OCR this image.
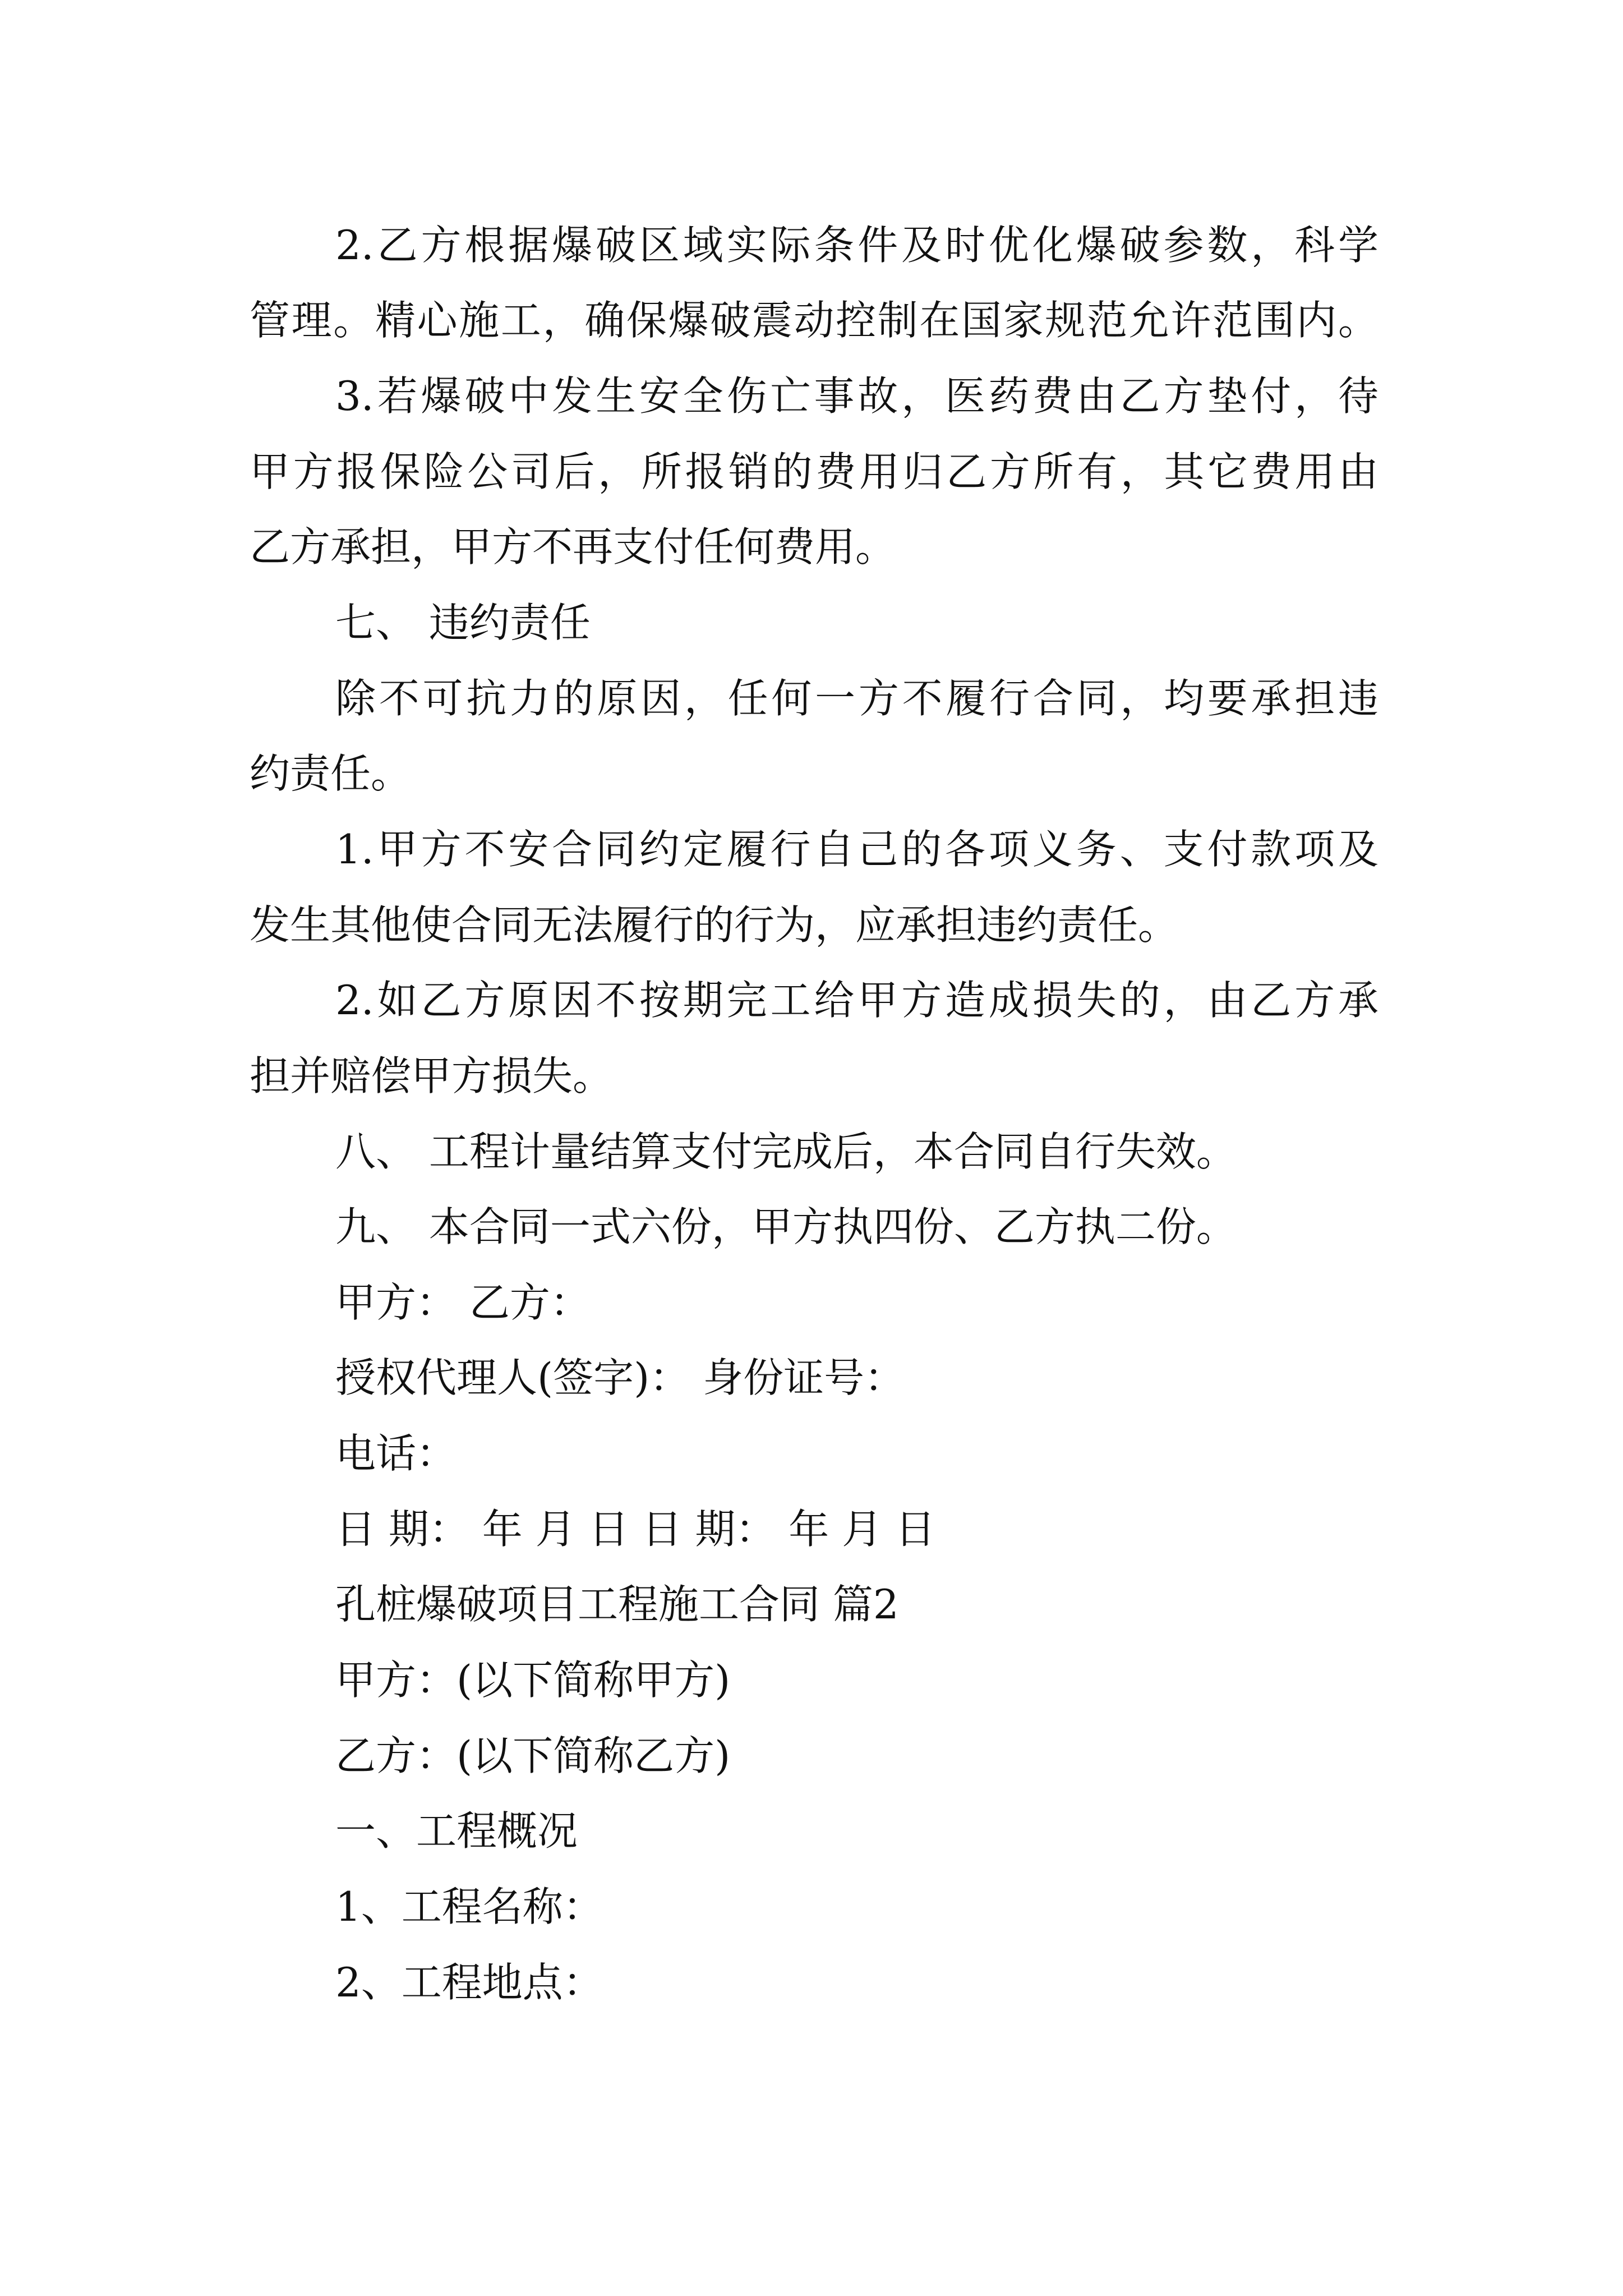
2.乙方根据爆破区域实际条件及时优化爆破参数，科学
管理。精心施工，确保爆破震动控制在国家规范允许范围内。
3.若爆破中发生安全伤亡事故，医药费由乙方垫付，待
甲方报保险公司后，所报销的费用归乙方所有，其它费用由
乙方承担，甲方不再支付任何费用。
七、 违约责任
除不可抗力的原因，任何一方不履行合同，均要承担违
约责任。
1.甲方不安合同约定履行自己的各项义务、支付款项及
发生其他使合同无法履行的行为，应承担违约责任。
2.如乙方原因不按期完工给甲方造成损失的，由乙方承
担并赔偿甲方损失。
八、 工程计量结算支付完成后，本合同自行失效。
九、 本合同一式六份，甲方执四份、乙方执二份。
甲方： 乙方：
授权代理人(签字)： 身份证号：
电话：
日 期： 年 月 日 日 期： 年 月 日
孔桩爆破项目工程施工合同 篇2
甲方：(以下简称甲方)
乙方：(以下简称乙方)
一、工程概况
1、工程名称：
2、工程地点：
